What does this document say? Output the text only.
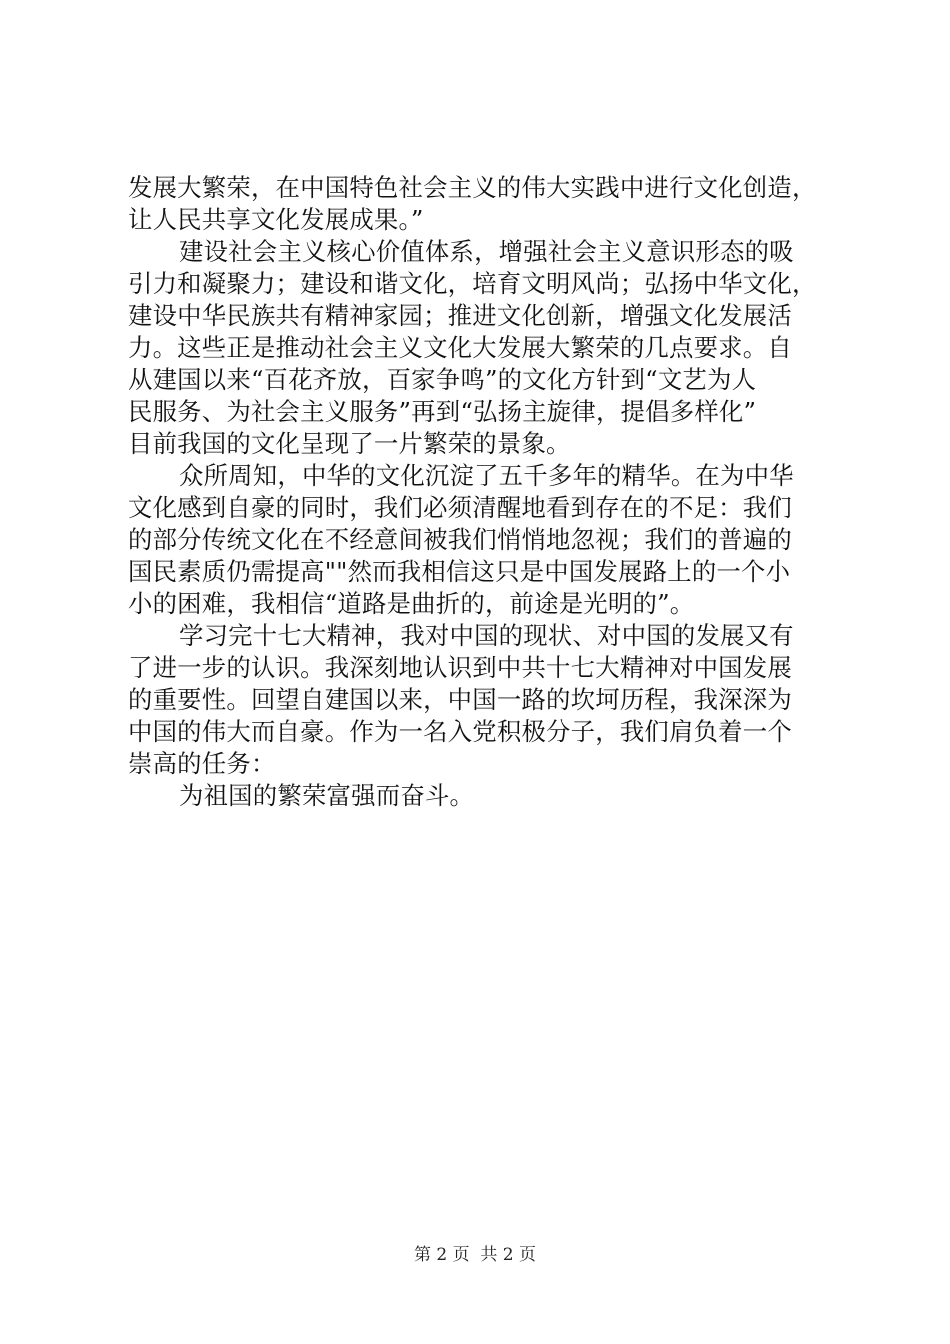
发展大繁荣，在中国特色社会主义的伟大实践中进行文化创造，
让人民共享文化发展成果。”
建设社会主义核心价值体系，增强社会主义意识形态的吸
引力和凝聚力；建设和谐文化，培育文明风尚；弘扬中华文化，
建设中华民族共有精神家园；推进文化创新，增强文化发展活
力。这些正是推动社会主义文化大发展大繁荣的几点要求。自
从建国以来“百花齐放，百家争鸣”的文化方针到“文艺为人
民服务、为社会主义服务”再到“弘扬主旋律，提倡多样化”
目前我国的文化呈现了一片繁荣的景象。
众所周知，中华的文化沉淀了五千多年的精华。在为中华
文化感到自豪的同时，我们必须清醒地看到存在的不足：我们
的部分传统文化在不经意间被我们悄悄地忽视；我们的普遍的
国民素质仍需提高""然而我相信这只是中国发展路上的一个小
小的困难，我相信“道路是曲折的，前途是光明的”。
学习完十七大精神，我对中国的现状、对中国的发展又有
了进一步的认识。我深刻地认识到中共十七大精神对中国发展
的重要性。回望自建国以来，中国一路的坎坷历程，我深深为
中国的伟大而自豪。作为一名入党积极分子，我们肩负着一个
崇高的任务：
为祖国的繁荣富强而奋斗。
第 2 页  共 2 页
